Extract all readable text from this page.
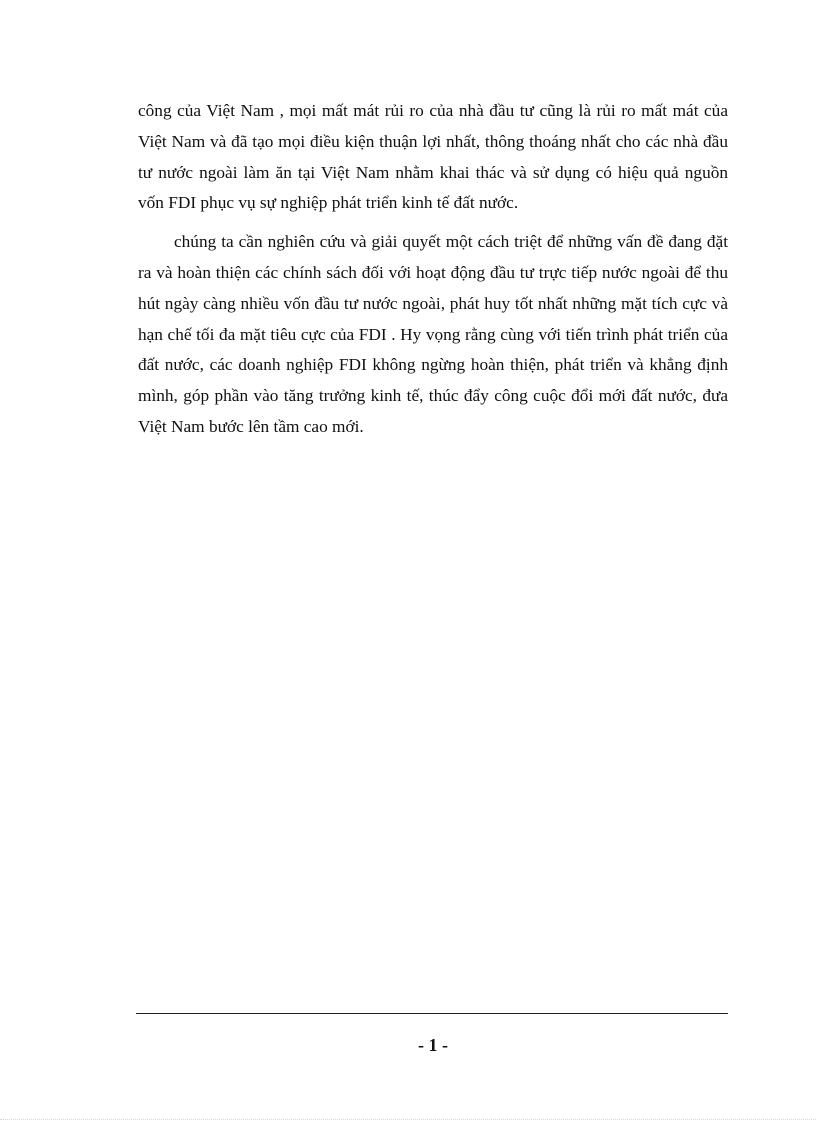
công của Việt Nam , mọi mất mát rủi ro của nhà đầu tư cũng là rủi ro mất mát của Việt Nam và đã tạo mọi điều kiện thuận lợi nhất, thông thoáng nhất cho các nhà đầu tư nước ngoài làm ăn tại Việt Nam nhằm khai thác và sử dụng có hiệu quả nguồn vốn FDI phục vụ sự nghiệp phát triển kinh tế đất nước.

chúng ta cần nghiên cứu và giải quyết một cách triệt để những vấn đề đang đặt ra và hoàn thiện các chính sách đối với hoạt động đầu tư trực tiếp nước ngoài để thu hút ngày càng nhiều vốn đầu tư nước ngoài, phát huy tốt nhất những mặt tích cực và hạn chế tối đa mặt tiêu cực của FDI . Hy vọng rằng cùng với tiến trình phát triển của đất nước, các doanh nghiệp FDI không ngừng hoàn thiện, phát triển và khẳng định mình, góp phần vào tăng trưởng kinh tế, thúc đẩy công cuộc đổi mới đất nước, đưa Việt Nam bước lên tầm cao mới.

- 1 -
